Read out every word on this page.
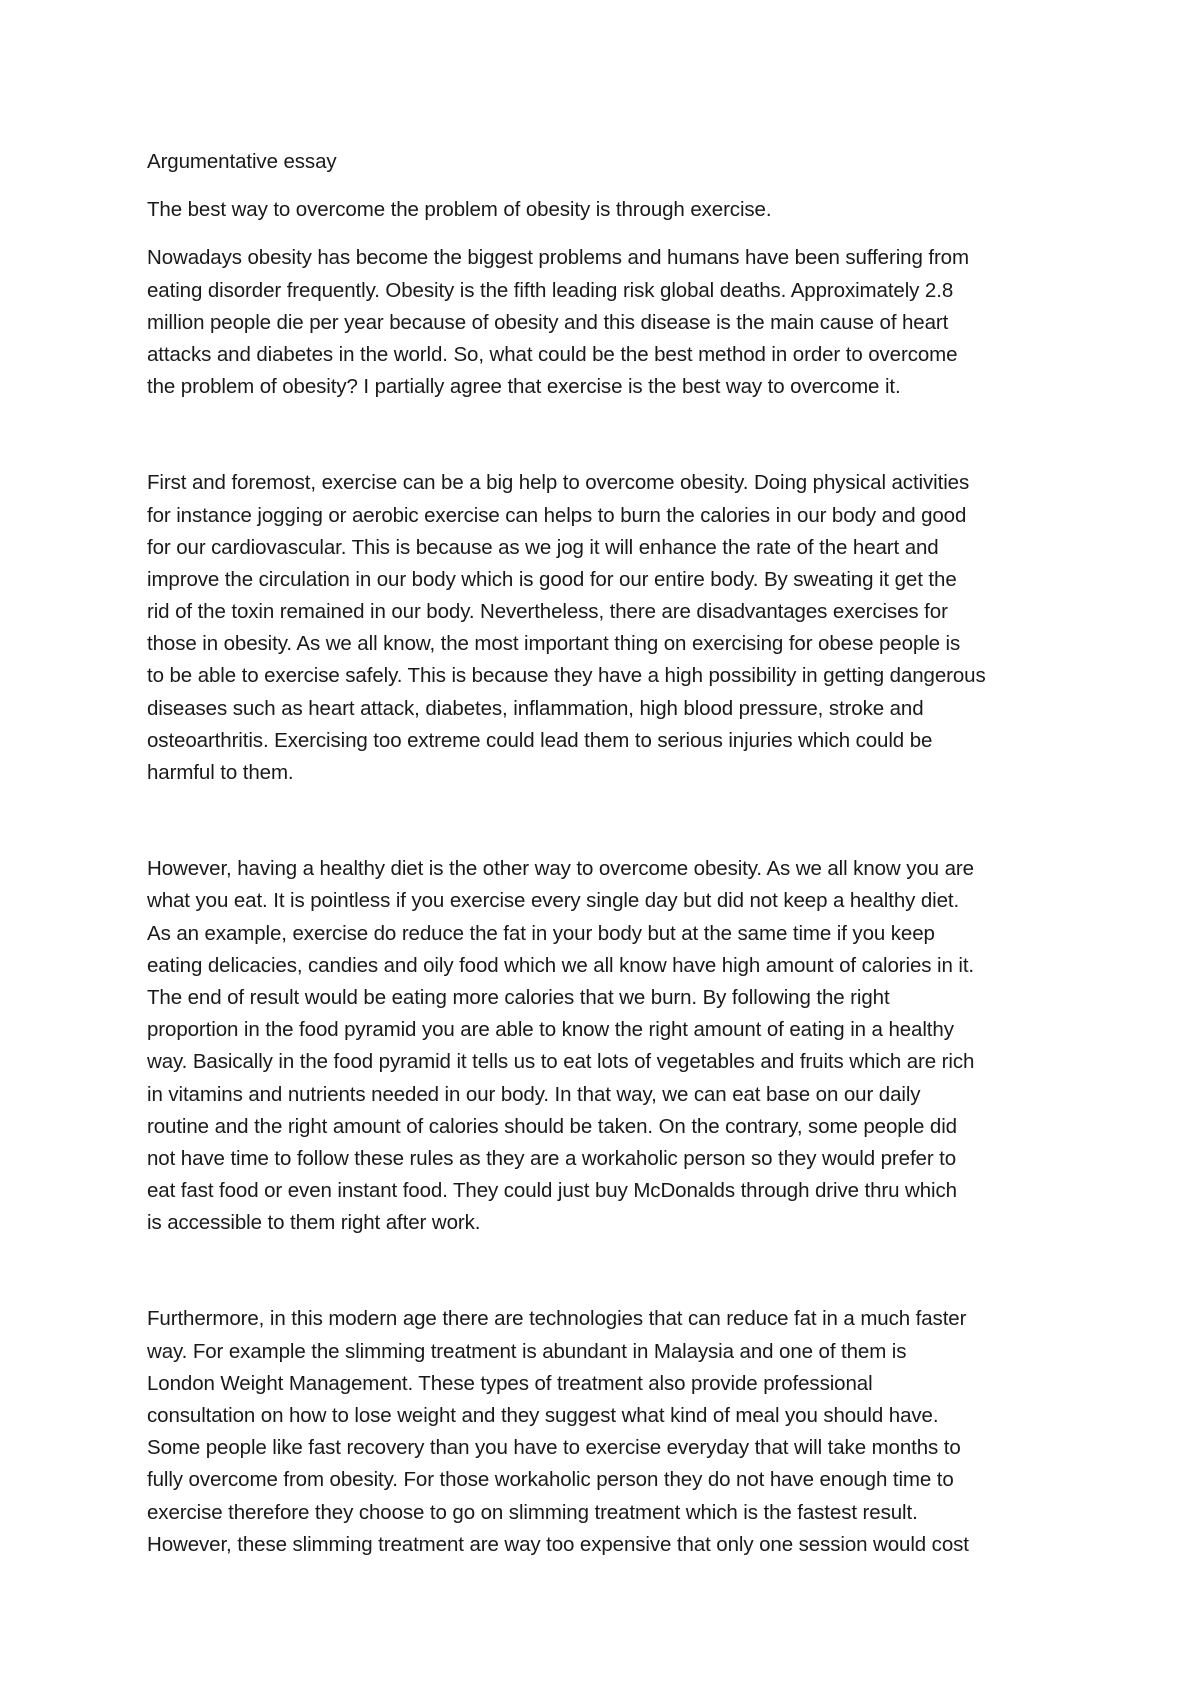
Argumentative essay
The best way to overcome the problem of obesity is through exercise.
Nowadays obesity has become the biggest problems and humans have been suffering from
eating disorder frequently. Obesity is the fifth leading risk global deaths. Approximately 2.8
million people die per year because of obesity and this disease is the main cause of heart
attacks and diabetes in the world. So, what could be the best method in order to overcome
the problem of obesity? I partially agree that exercise is the best way to overcome it.
First and foremost, exercise can be a big help to overcome obesity. Doing physical activities
for instance jogging or aerobic exercise can helps to burn the calories in our body and good
for our cardiovascular. This is because as we jog it will enhance the rate of the heart and
improve the circulation in our body which is good for our entire body. By sweating it get the
rid of the toxin remained in our body. Nevertheless, there are disadvantages exercises for
those in obesity. As we all know, the most important thing on exercising for obese people is
to be able to exercise safely. This is because they have a high possibility in getting dangerous
diseases such as heart attack, diabetes, inflammation, high blood pressure, stroke and
osteoarthritis. Exercising too extreme could lead them to serious injuries which could be
harmful to them.
However, having a healthy diet is the other way to overcome obesity. As we all know you are
what you eat. It is pointless if you exercise every single day but did not keep a healthy diet.
As an example, exercise do reduce the fat in your body but at the same time if you keep
eating delicacies, candies and oily food which we all know have high amount of calories in it.
The end of result would be eating more calories that we burn. By following the right
proportion in the food pyramid you are able to know the right amount of eating in a healthy
way. Basically in the food pyramid it tells us to eat lots of vegetables and fruits which are rich
in vitamins and nutrients needed in our body. In that way, we can eat base on our daily
routine and the right amount of calories should be taken. On the contrary, some people did
not have time to follow these rules as they are a workaholic person so they would prefer to
eat fast food or even instant food. They could just buy McDonalds through drive thru which
is accessible to them right after work.
Furthermore, in this modern age there are technologies that can reduce fat in a much faster
way. For example the slimming treatment is abundant in Malaysia and one of them is
London Weight Management. These types of treatment also provide professional
consultation on how to lose weight and they suggest what kind of meal you should have.
Some people like fast recovery than you have to exercise everyday that will take months to
fully overcome from obesity. For those workaholic person they do not have enough time to
exercise therefore they choose to go on slimming treatment which is the fastest result.
However, these slimming treatment are way too expensive that only one session would cost
